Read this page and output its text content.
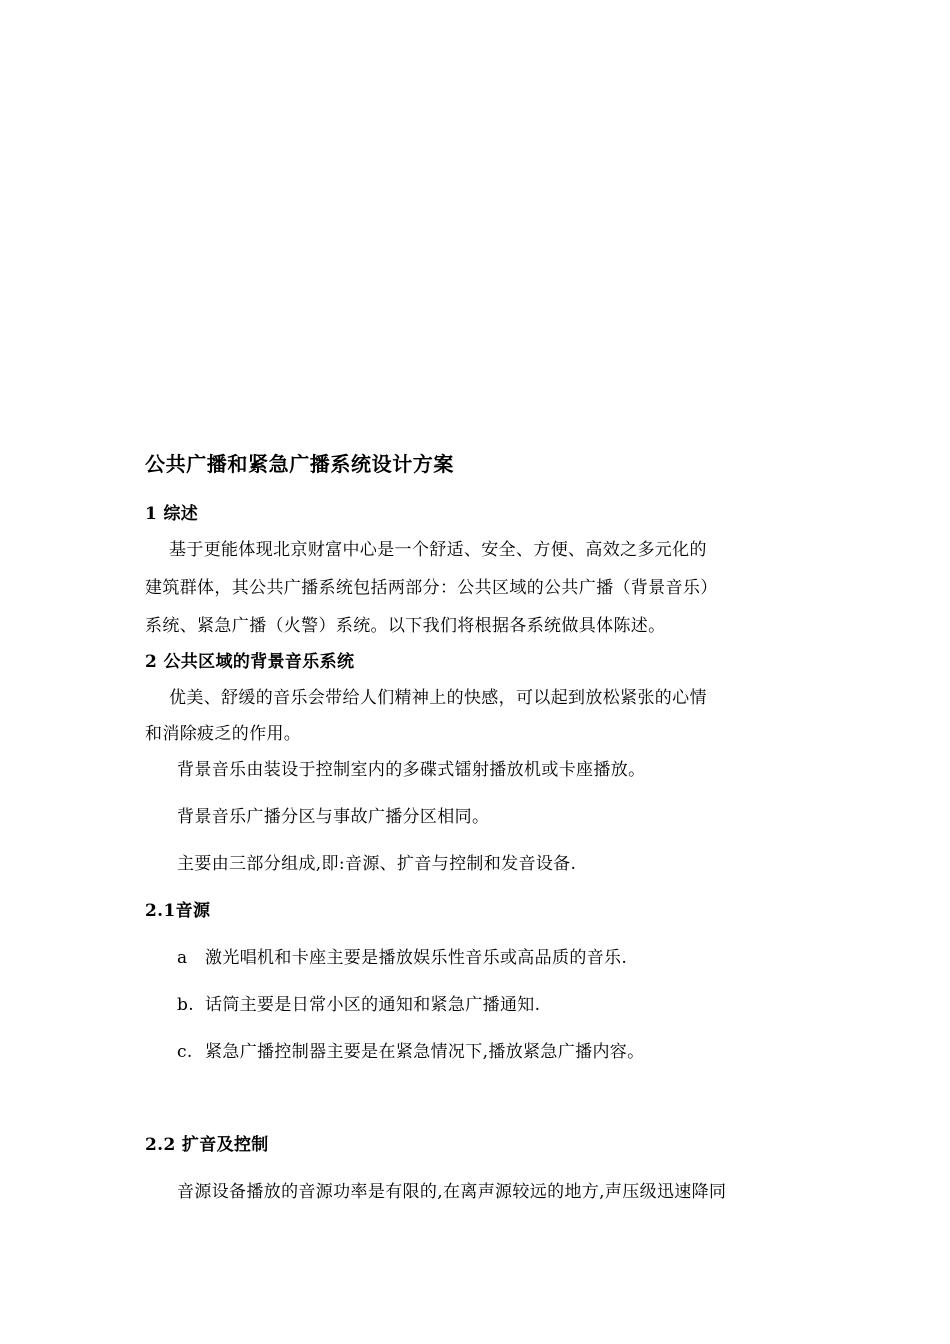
公共广播和紧急广播系统设计方案
1 综述
基于更能体现北京财富中心是一个舒适、安全、方便、高效之多元化的
建筑群体，其公共广播系统包括两部分：公共区域的公共广播（背景音乐）
系统、紧急广播（火警）系统。以下我们将根据各系统做具体陈述。
2 公共区域的背景音乐系统
优美、舒缓的音乐会带给人们精神上的快感，可以起到放松紧张的心情
和消除疲乏的作用。
背景音乐由装设于控制室内的多碟式镭射播放机或卡座播放。
背景音乐广播分区与事故广播分区相同。
主要由三部分组成,即:音源、扩音与控制和发音设备.
2.1音源
a 激光唱机和卡座主要是播放娱乐性音乐或高品质的音乐.
b. 话筒主要是日常小区的通知和紧急广播通知.
c. 紧急广播控制器主要是在紧急情况下,播放紧急广播内容。
2.2 扩音及控制
音源设备播放的音源功率是有限的,在离声源较远的地方,声压级迅速降同
